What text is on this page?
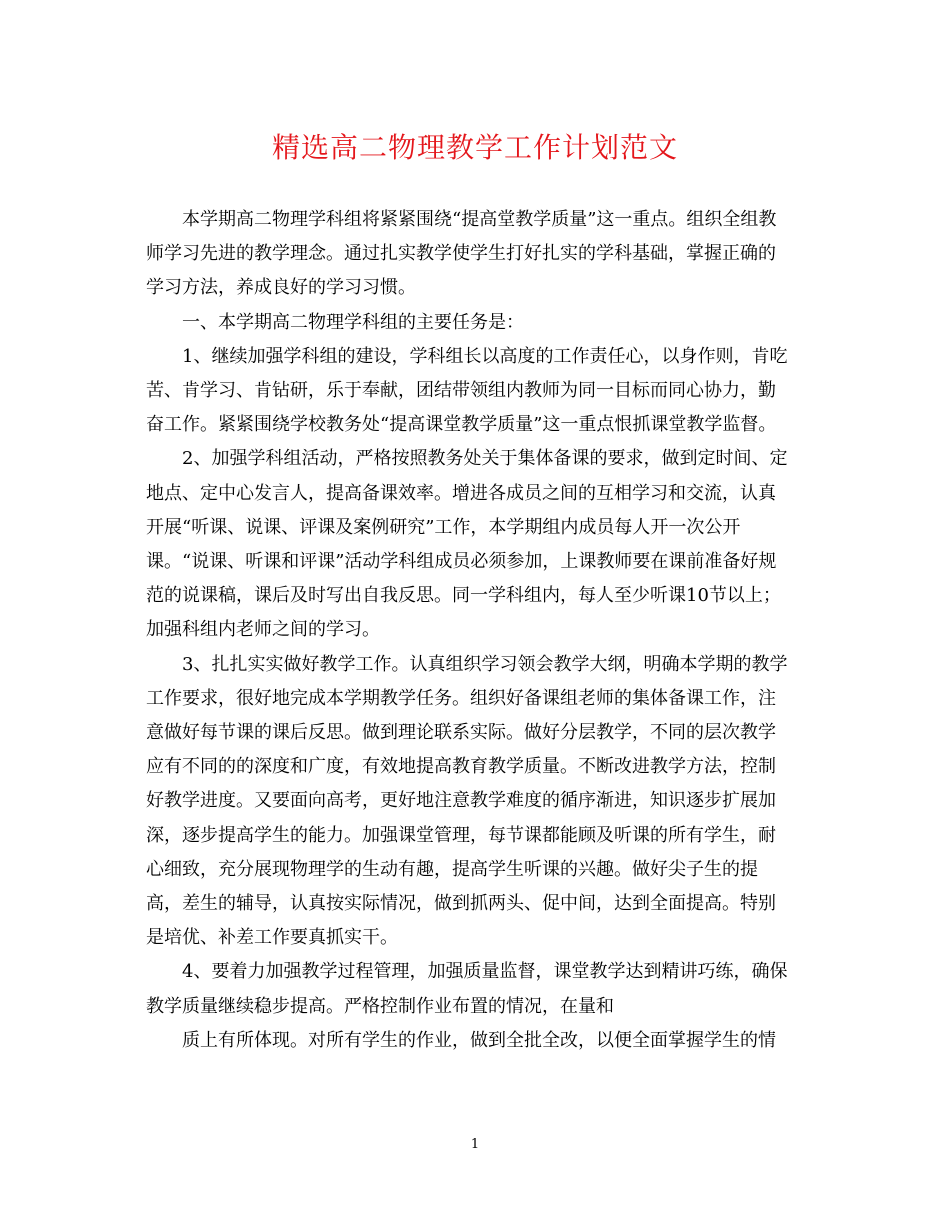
精选高二物理教学工作计划范文

本学期高二物理学科组将紧紧围绕“提高堂教学质量”这一重点。组织全组教
师学习先进的教学理念。通过扎实教学使学生打好扎实的学科基础，掌握正确的
学习方法，养成良好的学习习惯。

一、本学期高二物理学科组的主要任务是：

1、继续加强学科组的建设，学科组长以高度的工作责任心，以身作则，肯吃
苦、肯学习、肯钻研，乐于奉献，团结带领组内教师为同一目标而同心协力，勤
奋工作。紧紧围绕学校教务处“提高课堂教学质量”这一重点恨抓课堂教学监督。

2、加强学科组活动，严格按照教务处关于集体备课的要求，做到定时间、定
地点、定中心发言人，提高备课效率。增进各成员之间的互相学习和交流，认真
开展“听课、说课、评课及案例研究”工作，本学期组内成员每人开一次公开
课。“说课、听课和评课”活动学科组成员必须参加，上课教师要在课前准备好规
范的说课稿，课后及时写出自我反思。同一学科组内，每人至少听课10节以上；
加强科组内老师之间的学习。

3、扎扎实实做好教学工作。认真组织学习领会教学大纲，明确本学期的教学
工作要求，很好地完成本学期教学任务。组织好备课组老师的集体备课工作，注
意做好每节课的课后反思。做到理论联系实际。做好分层教学，不同的层次教学
应有不同的的深度和广度，有效地提高教育教学质量。不断改进教学方法，控制
好教学进度。又要面向高考，更好地注意教学难度的循序渐进，知识逐步扩展加
深，逐步提高学生的能力。加强课堂管理，每节课都能顾及听课的所有学生，耐
心细致，充分展现物理学的生动有趣，提高学生听课的兴趣。做好尖子生的提
高，差生的辅导，认真按实际情况，做到抓两头、促中间，达到全面提高。特别
是培优、补差工作要真抓实干。

4、要着力加强教学过程管理，加强质量监督，课堂教学达到精讲巧练，确保
教学质量继续稳步提高。严格控制作业布置的情况，在量和

质上有所体现。对所有学生的作业，做到全批全改，以便全面掌握学生的情

1
